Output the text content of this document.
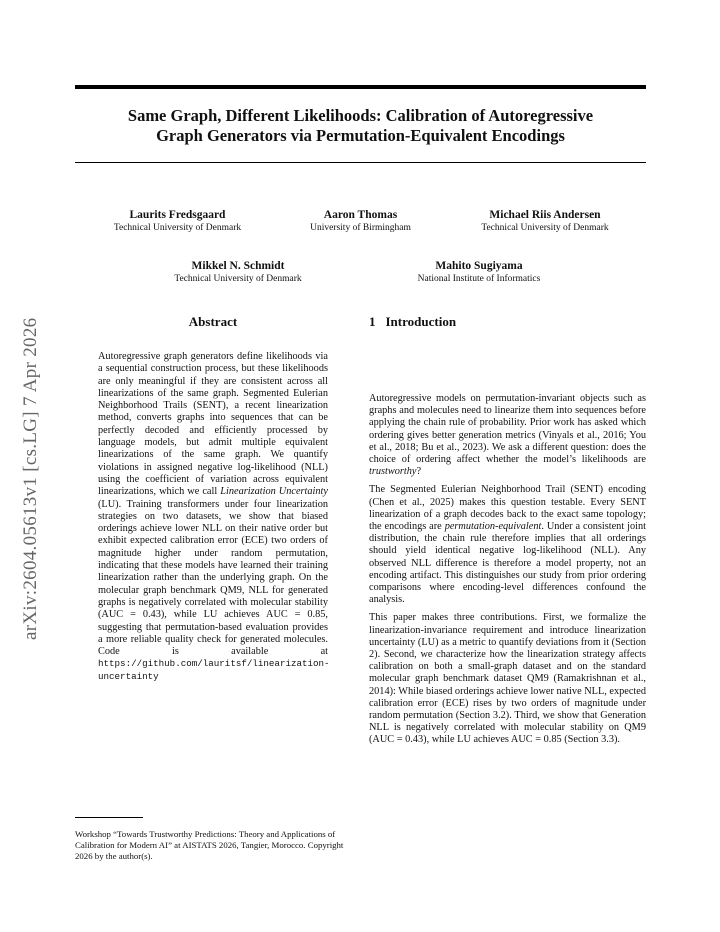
arXiv:2604.05613v1 [cs.LG] 7 Apr 2026
Same Graph, Different Likelihoods: Calibration of Autoregressive
Graph Generators via Permutation-Equivalent Encodings
Laurits Fredsgaard
Technical University of Denmark
Aaron Thomas
University of Birmingham
Michael Riis Andersen
Technical University of Denmark
Mikkel N. Schmidt
Technical University of Denmark
Mahito Sugiyama
National Institute of Informatics
Abstract
Autoregressive graph generators define likelihoods via a sequential construction process, but these likelihoods are only meaningful if they are consistent across all linearizations of the same graph. Segmented Eulerian Neighborhood Trails (SENT), a recent linearization method, converts graphs into sequences that can be perfectly decoded and efficiently processed by language models, but admit multiple equivalent linearizations of the same graph. We quantify violations in assigned negative log-likelihood (NLL) using the coefficient of variation across equivalent linearizations, which we call Linearization Uncertainty (LU). Training transformers under four linearization strategies on two datasets, we show that biased orderings achieve lower NLL on their native order but exhibit expected calibration error (ECE) two orders of magnitude higher under random permutation, indicating that these models have learned their training linearization rather than the underlying graph. On the molecular graph benchmark QM9, NLL for generated graphs is negatively correlated with molecular stability (AUC = 0.43), while LU achieves AUC = 0.85, suggesting that permutation-based evaluation provides a more reliable quality check for generated molecules. Code is available at https://github.com/lauritsf/linearization-uncertainty
Workshop “Towards Trustworthy Predictions: Theory and Applications of Calibration for Modern AI” at AISTATS 2026, Tangier, Morocco. Copyright 2026 by the author(s).
1 Introduction

Autoregressive models on permutation-invariant objects such as graphs and molecules need to linearize them into sequences before applying the chain rule of probability. Prior work has asked which ordering gives better generation metrics (Vinyals et al., 2016; You et al., 2018; Bu et al., 2023). We ask a different question: does the choice of ordering affect whether the model’s likelihoods are trustworthy?

The Segmented Eulerian Neighborhood Trail (SENT) encoding (Chen et al., 2025) makes this question testable. Every SENT linearization of a graph decodes back to the exact same topology; the encodings are permutation-equivalent. Under a consistent joint distribution, the chain rule therefore implies that all orderings should yield identical negative log-likelihood (NLL). Any observed NLL difference is therefore a model property, not an encoding artifact. This distinguishes our study from prior ordering comparisons where encoding-level differences confound the analysis.

This paper makes three contributions. First, we formalize the linearization-invariance requirement and introduce linearization uncertainty (LU) as a metric to quantify deviations from it (Section 2). Second, we characterize how the linearization strategy affects calibration on both a small-graph dataset and on the standard molecular graph benchmark dataset QM9 (Ramakrishnan et al., 2014): While biased orderings achieve lower native NLL, expected calibration error (ECE) rises by two orders of magnitude under random permutation (Section 3.2). Third, we show that Generation NLL is negatively correlated with molecular stability on QM9 (AUC = 0.43), while LU achieves AUC = 0.85 (Section 3.3).
